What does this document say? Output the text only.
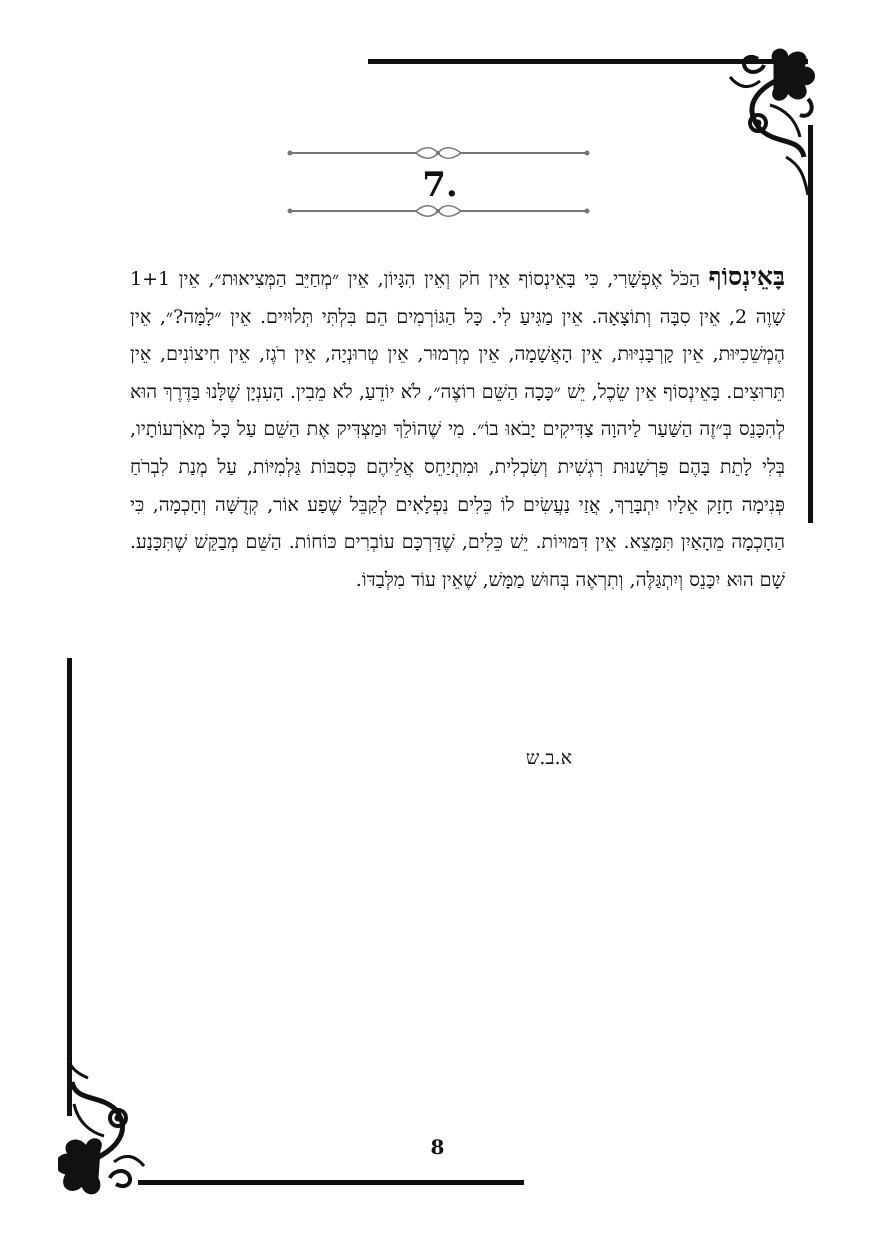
7.
בָּאֵינְסוֹף הַכֹּל אֶפְשָׁרִי, כִּי בָּאֵינְסוֹף אֵין חֹק וְאֵין הִגָּיוֹן, אֵין ״מְחַיֵּב הַמְּצִיאוּת״, אֵין 1+1 שָׁוֶה 2, אֵין סִבָּה וְתוֹצָאָה. אֵין מַגִּיעַ לִי. כָּל הַגּוֹרְמִים הֵם בִּלְתִּי תְּלוּיִים. אֵין ״לָמָּה?״, אֵין הֶמְשֵׁכִיּוּת, אֵין קָרְבָּנִיּוּת, אֵין הָאֲשָׁמָה, אֵין מְרְמוּר, אֵין טְרוּנְיָה, אֵין רֹגֶז, אֵין חִיצוֹנִים, אֵין תֵּרוּצִים. בָּאֵינְסוֹף אֵין שֵׂכֶל, יֵשׁ ״כָּכָה הַשֵּׁם רוֹצֶה״, לֹא יוֹדֵעַ, לֹא מֵבִין. הָעִנְיָן שֶׁלָּנוּ בַּדֶּרֶךְ הוּא לְהִכָּנֵס בְּ״זֶה הַשַּׁעַר לַיהוָה צַדִּיקִים יָבֹאוּ בוֹ״. מִי שֶׁהוֹלֵךְ וּמַצְדִּיק אֶת הַשֵּׁם עַל כָּל מְאֹרְעוֹתָיו, בְּלִי לָתֵת בָּהֶם פַּרְשָׁנוּת רִגְשִׁית וְשִׂכְלִית, וּמִתְיַחֵס אֲלֵיהֶם כְּסִבּוֹת גַּלְמִיּוֹת, עַל מְנַת לִבְרֹחַ פְּנִימָה חָזָק אֵלָיו יִתְבָּרַךְ, אֲזַי נַעֲשִׂים לוֹ כֵּלִים נִפְלָאִים לְקַבֵּל שֶׁפַע אוֹר, קְדֻשָּׁה וְחָכְמָה, כִּי הַחָכְמָה מֵהָאַיִן תִּמָּצֵא. אֵין דִּמּוּיוֹת. יֵשׁ כֵּלִים, שֶׁדַּרְכָּם עוֹבְרִים כּוֹחוֹת. הַשֵּׁם מְבַקֵּשׁ שֶׁתִּכָּנַע. שָׁם הוּא יִכָּנֵס וְיִתְגַּלֶּה, וְתִרְאֶה בְּחוּשׁ מַמָּשׁ, שֶׁאֵין עוֹד מִלְּבַדּוֹ.
א.ב.ש
8
